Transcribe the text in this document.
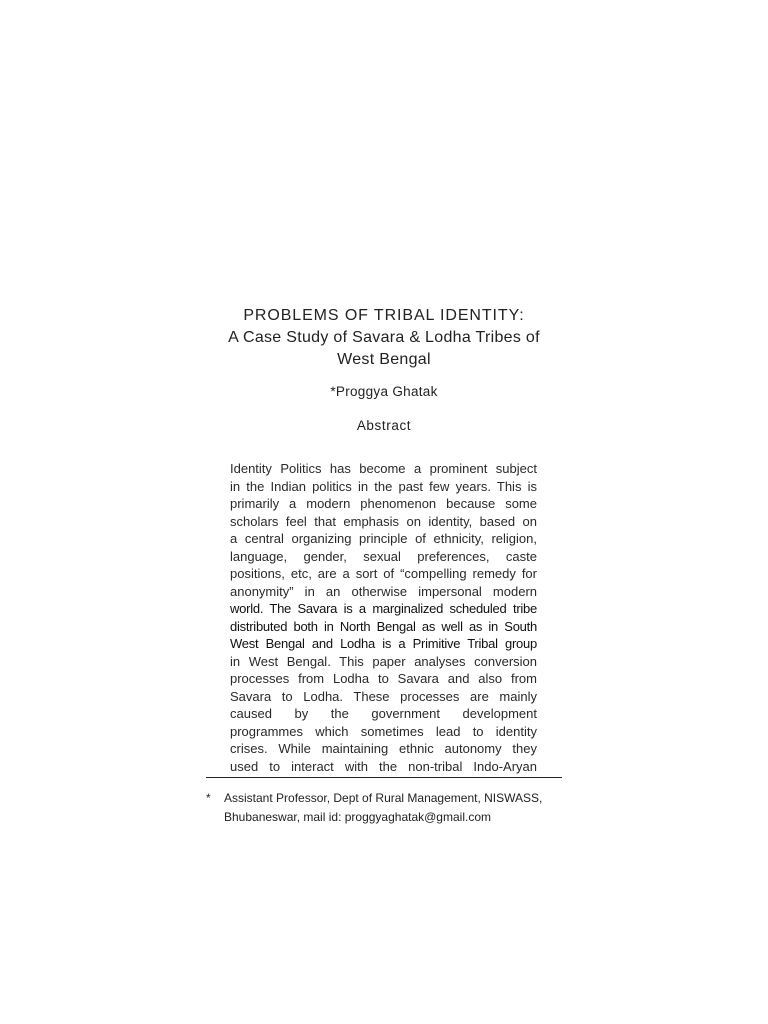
PROBLEMS OF TRIBAL IDENTITY:
A Case Study of Savara & Lodha Tribes of
West Bengal
*Proggya Ghatak
Abstract
Identity Politics has become a prominent subject
in the Indian politics in the past few years. This is
primarily a modern phenomenon because some
scholars feel that emphasis on identity, based on
a central organizing principle of ethnicity, religion,
language, gender, sexual preferences, caste
positions, etc, are a sort of “compelling remedy for
anonymity” in an otherwise impersonal modern
world. The Savara is a marginalized scheduled tribe
distributed both in North Bengal as well as in South
West Bengal and Lodha is a Primitive Tribal group
in West Bengal. This paper analyses conversion
processes from Lodha to Savara and also from
Savara to Lodha. These processes are mainly
caused by the government development
programmes which sometimes lead to identity
crises. While maintaining ethnic autonomy they
used to interact with the non-tribal Indo-Aryan
* Assistant Professor, Dept of Rural Management, NISWASS,
Bhubaneswar, mail id: proggyaghatak@gmail.com
